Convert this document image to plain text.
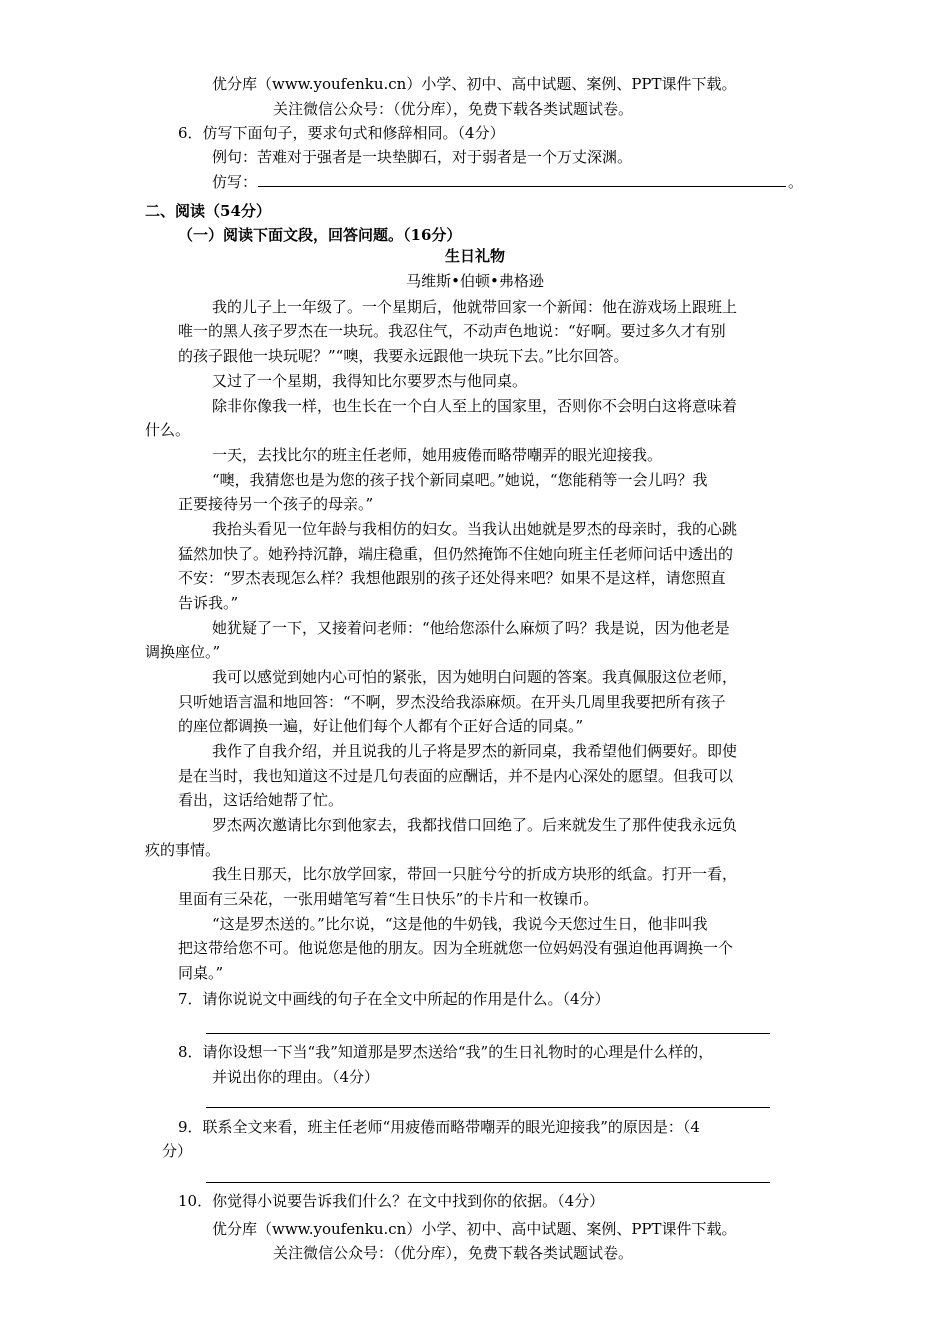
优分库（www.youfenku.cn）小学、初中、高中试题、案例、PPT课件下载。
关注微信公众号：（优分库），免费下载各类试题试卷。
6．仿写下面句子，要求句式和修辞相同。（4分）
例句：苦难对于强者是一块垫脚石，对于弱者是一个万丈深渊。
仿写：	。
二、阅读（54分）
（一）阅读下面文段，回答问题。（16分）
生日礼物
马维斯•伯顿•弗格逊
我的儿子上一年级了。一个星期后，他就带回家一个新闻：他在游戏场上跟班上
唯一的黑人孩子罗杰在一块玩。我忍住气，不动声色地说：“好啊。要过多久才有别
的孩子跟他一块玩呢？”“噢，我要永远跟他一块玩下去。”比尔回答。
又过了一个星期，我得知比尔要罗杰与他同桌。
除非你像我一样，也生长在一个白人至上的国家里，否则你不会明白这将意味着
什么。
一天，去找比尔的班主任老师，她用疲倦而略带嘲弄的眼光迎接我。
“噢，我猜您也是为您的孩子找个新同桌吧。”她说，“您能稍等一会儿吗？我
正要接待另一个孩子的母亲。”
我抬头看见一位年龄与我相仿的妇女。当我认出她就是罗杰的母亲时，我的心跳
猛然加快了。她矜持沉静，端庄稳重，但仍然掩饰不住她向班主任老师问话中透出的
不安：“罗杰表现怎么样？我想他跟别的孩子还处得来吧？如果不是这样，请您照直
告诉我。”
她犹疑了一下，又接着问老师：“他给您添什么麻烦了吗？我是说，因为他老是
调换座位。”
我可以感觉到她内心可怕的紧张，因为她明白问题的答案。我真佩服这位老师，
只听她语言温和地回答：“不啊，罗杰没给我添麻烦。在开头几周里我要把所有孩子
的座位都调换一遍，好让他们每个人都有个正好合适的同桌。”
我作了自我介绍，并且说我的儿子将是罗杰的新同桌，我希望他们俩要好。即使
是在当时，我也知道这不过是几句表面的应酬话，并不是内心深处的愿望。但我可以
看出，这话给她帮了忙。
罗杰两次邀请比尔到他家去，我都找借口回绝了。后来就发生了那件使我永远负
疚的事情。
我生日那天，比尔放学回家，带回一只脏兮兮的折成方块形的纸盒。打开一看，
里面有三朵花，一张用蜡笔写着“生日快乐”的卡片和一枚镍币。
“这是罗杰送的。”比尔说，“这是他的牛奶钱，我说今天您过生日，他非叫我
把这带给您不可。他说您是他的朋友。因为全班就您一位妈妈没有强迫他再调换一个
同桌。”
7．请你说说文中画线的句子在全文中所起的作用是什么。（4分）
8．请你设想一下当“我”知道那是罗杰送给“我”的生日礼物时的心理是什么样的，
并说出你的理由。（4分）
9．联系全文来看，班主任老师“用疲倦而略带嘲弄的眼光迎接我”的原因是：（4
分）
10．你觉得小说要告诉我们什么？在文中找到你的依据。（4分）
优分库（www.youfenku.cn）小学、初中、高中试题、案例、PPT课件下载。
关注微信公众号：（优分库），免费下载各类试题试卷。
